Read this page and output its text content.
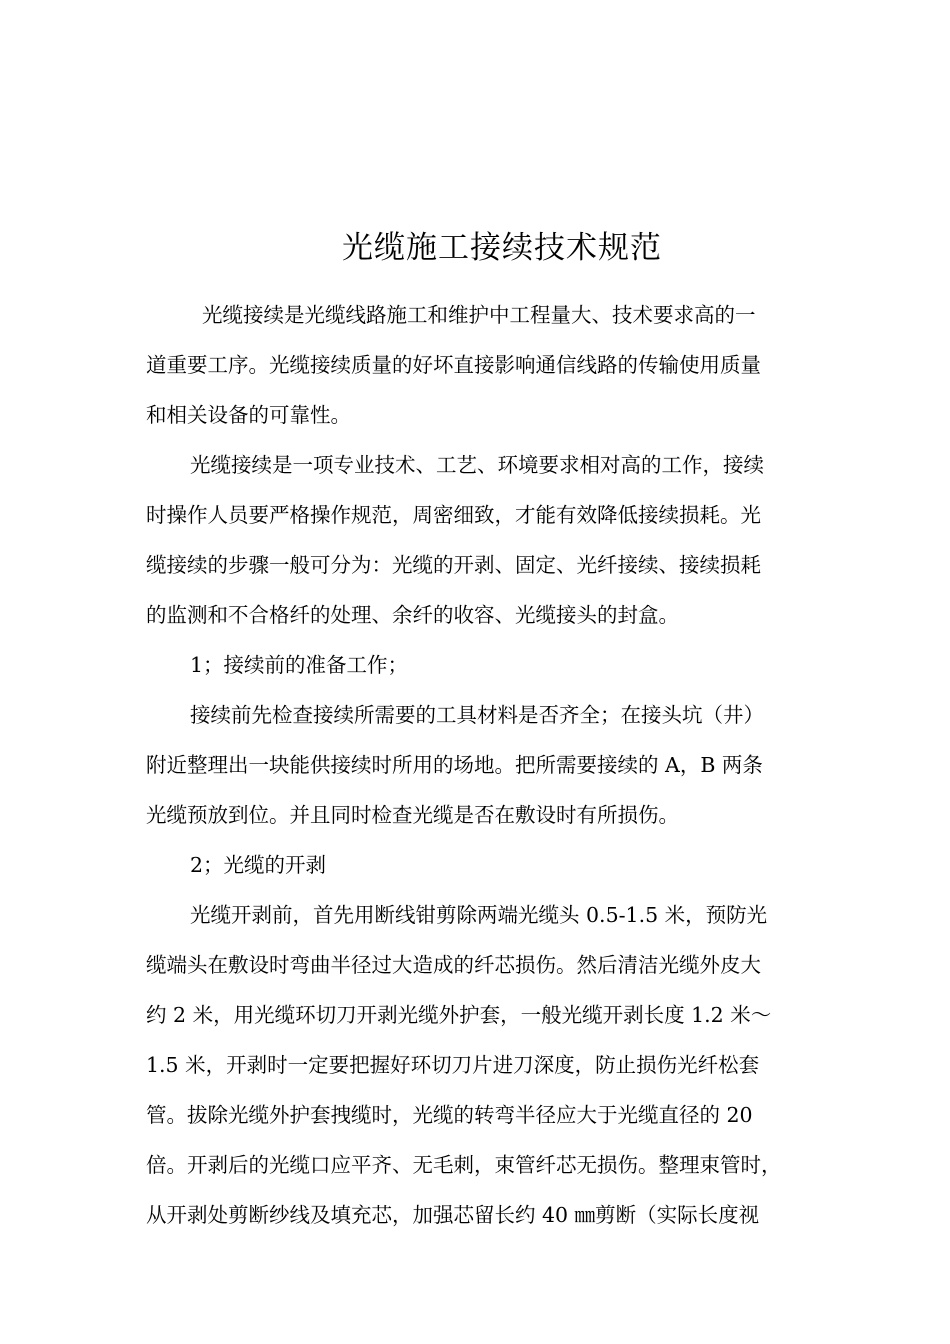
光缆施工接续技术规范
光缆接续是光缆线路施工和维护中工程量大、技术要求高的一
道重要工序。光缆接续质量的好坏直接影响通信线路的传输使用质量
和相关设备的可靠性。
光缆接续是一项专业技术、工艺、环境要求相对高的工作，接续
时操作人员要严格操作规范，周密细致，才能有效降低接续损耗。光
缆接续的步骤一般可分为：光缆的开剥、固定、光纤接续、接续损耗
的监测和不合格纤的处理、余纤的收容、光缆接头的封盒。
1；接续前的准备工作；
接续前先检查接续所需要的工具材料是否齐全；在接头坑（井）
附近整理出一块能供接续时所用的场地。把所需要接续的 A，B 两条
光缆预放到位。并且同时检查光缆是否在敷设时有所损伤。
2；光缆的开剥
光缆开剥前，首先用断线钳剪除两端光缆头 0.5-1.5 米，预防光
缆端头在敷设时弯曲半径过大造成的纤芯损伤。然后清洁光缆外皮大
约 2 米，用光缆环切刀开剥光缆外护套，一般光缆开剥长度 1.2 米～
1.5 米，开剥时一定要把握好环切刀片进刀深度，防止损伤光纤松套
管。拔除光缆外护套拽缆时，光缆的转弯半径应大于光缆直径的 20
倍。开剥后的光缆口应平齐、无毛刺，束管纤芯无损伤。整理束管时，
从开剥处剪断纱线及填充芯，加强芯留长约 40 ㎜剪断（实际长度视
